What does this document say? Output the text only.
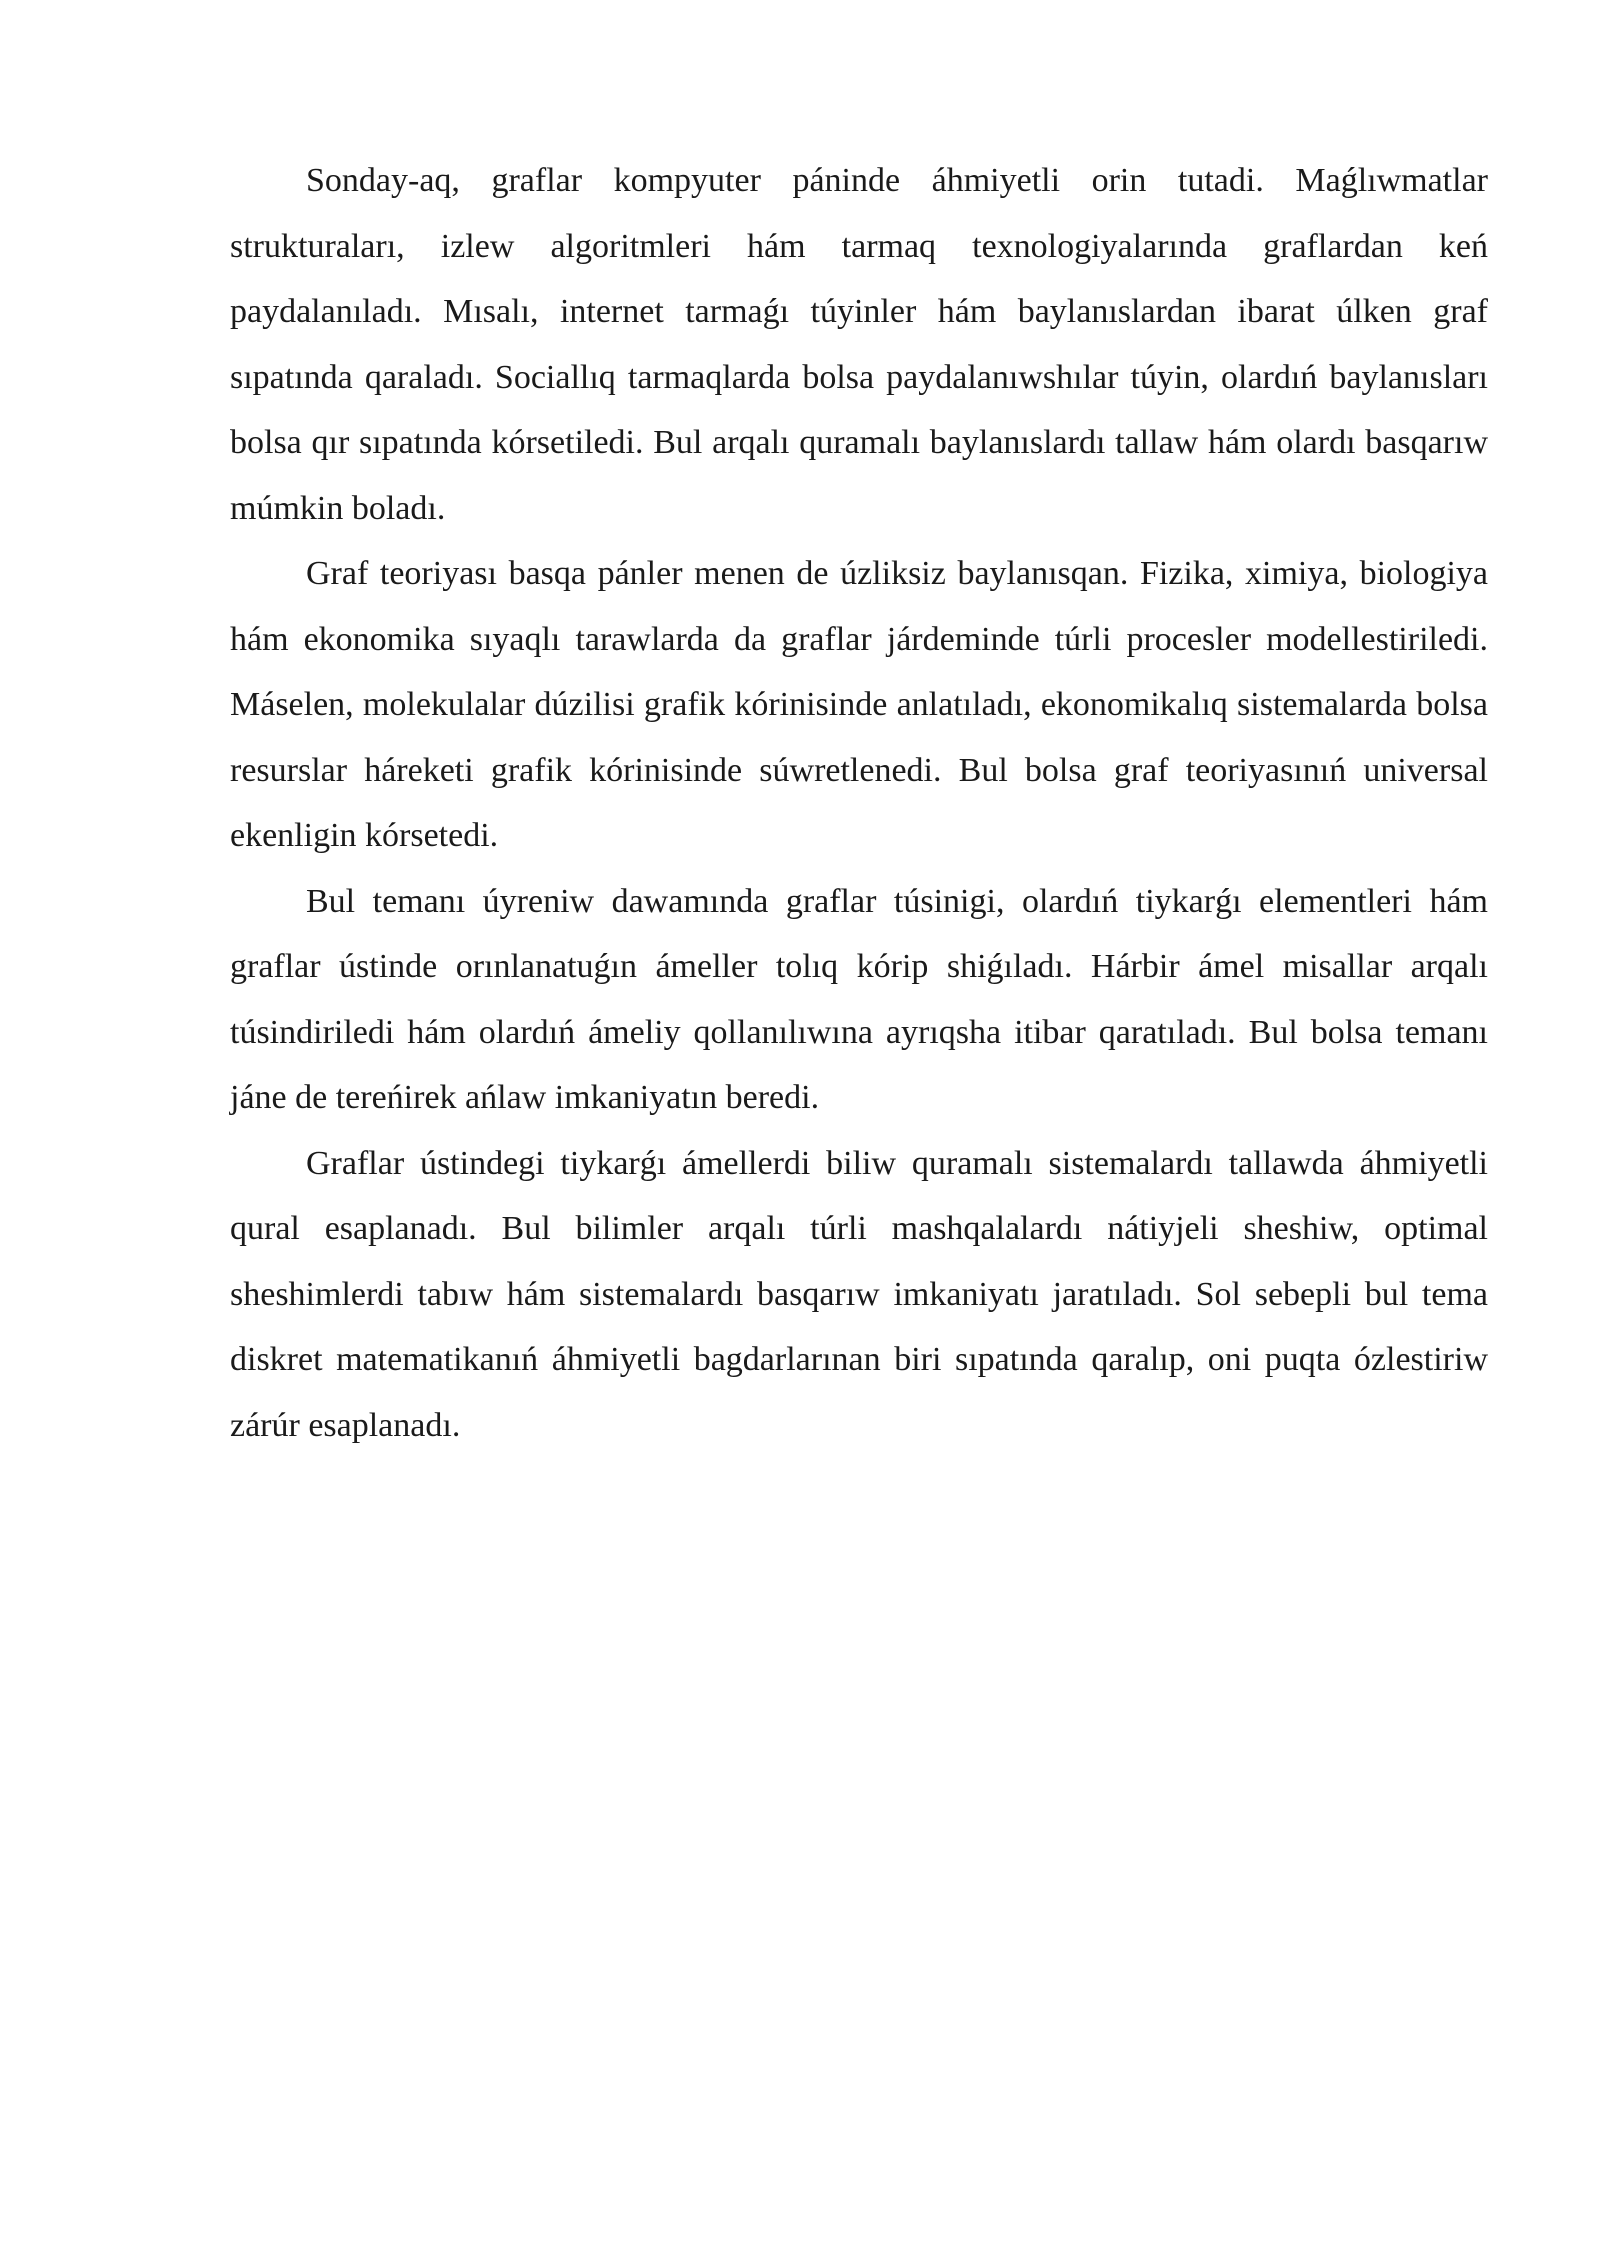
Sonday-aq, graflar kompyuter páninde áhmiyetli orin tutadi. Maǵlıwmatlar strukturaları, izlew algoritmleri hám tarmaq texnologiyalarında graflardan keń paydalanıladı. Mısalı, internet tarmaǵı túyinler hám baylanıslardan ibarat úlken graf sıpatında qaraladı. Sociallıq tarmaqlarda bolsa paydalanıwshılar túyin, olardıń baylanısları bolsa qır sıpatında kórsetiledi. Bul arqalı quramalı baylanıslardı tallaw hám olardı basqarıw múmkin boladı.

Graf teoriyası basqa pánler menen de úzliksiz baylanısqan. Fizika, ximiya, biologiya hám ekonomika sıyaqlı tarawlarda da graflar járdeminde túrli procesler modellestiriledi. Máselen, molekulalar dúzilisi grafik kórinisinde anlatıladı, ekonomikalıq sistemalarda bolsa resurslar háreketi grafik kórinisinde súwretlenedi. Bul bolsa graf teoriyasınıń universal ekenligin kórsetedi.

Bul temanı úyreniw dawamında graflar túsinigi, olardıń tiykarǵı elementleri hám graflar ústinde orınlanatuǵın ámeller tolıq kórip shiǵıladı. Hárbir ámel misallar arqalı túsindiriledi hám olardıń ámeliy qollanılıwına ayrıqsha itibar qaratıladı. Bul bolsa temanı jáne de tereńirek ańlaw imkaniyatın beredi.

Graflar ústindegi tiykarǵı ámellerdi biliw quramalı sistemalardı tallawda áhmiyetli qural esaplanadı. Bul bilimler arqalı túrli mashqalalardı nátiyjeli sheshiw, optimal sheshimlerdi tabıw hám sistemalardı basqarıw imkaniyatı jaratıladı. Sol sebepli bul tema diskret matematikanıń áhmiyetli bagdarlarınan biri sıpatında qaralıp, oni puqta ózlestiriw zárúr esaplanadı.
